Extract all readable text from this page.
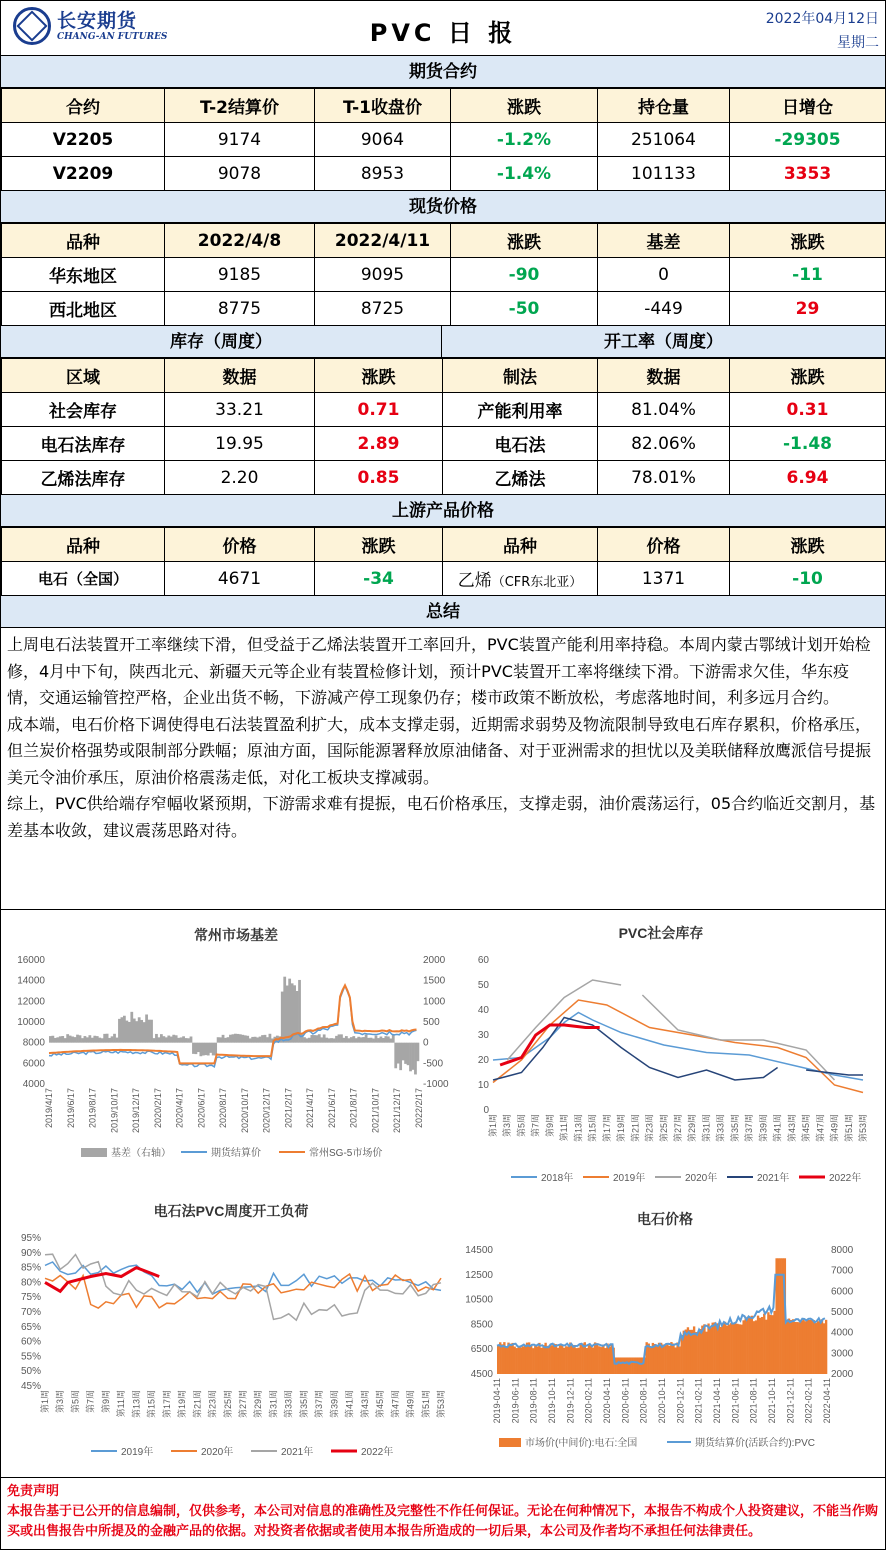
长安期货
CHANG-AN FUTURES	PVC 日 报	2022年04月12日
星期二
期货合约
合约	T-2结算价	T-1收盘价	涨跌	持仓量	日增仓
V2205	9174	9064	-1.2%	251064	-29305
V2209	9078	8953	-1.4%	101133	3353
现货价格
品种	2022/4/8	2022/4/11	涨跌	基差	涨跌
华东地区	9185	9095	-90	0	-11
西北地区	8775	8725	-50	-449	29
库存（周度）	开工率（周度）
区域	数据	涨跌	制法	数据	涨跌
社会库存	33.21	0.71	产能利用率	81.04%	0.31
电石法库存	19.95	2.89	电石法	82.06%	-1.48
乙烯法库存	2.20	0.85	乙烯法	78.01%	6.94
上游产品价格
品种	价格	涨跌	品种	价格	涨跌
电石（全国）	4671	-34	乙烯（CFR东北亚）	1371	-10
总结

上周电石法装置开工率继续下滑，但受益于乙烯法装置开工率回升，PVC装置产能利用率持稳。本周内蒙古鄂绒计划开始检修，4月中下旬，陕西北元、新疆天元等企业有装置检修计划，预计PVC装置开工率将继续下滑。下游需求欠佳，华东疫情，交通运输管控严格，企业出货不畅，下游减产停工现象仍存；楼市政策不断放松，考虑落地时间，利多远月合约。

成本端，电石价格下调使得电石法装置盈利扩大，成本支撑走弱，近期需求弱势及物流限制导致电石库存累积，价格承压，但兰炭价格强势或限制部分跌幅；原油方面，国际能源署释放原油储备、对于亚洲需求的担忧以及美联储释放鹰派信号提振美元令油价承压，原油价格震荡走低，对化工板块支撑减弱。

综上，PVC供给端存窄幅收紧预期，下游需求难有提振，电石价格承压，支撑走弱，油价震荡运行，05合约临近交割月，基差基本收敛，建议震荡思路对待。

常州市场基差
16000
14000
12000
10000
8000
6000
4000
2000
1500
1000
500
0
-500
-1000
2019/4/17 2019/6/17 2019/8/17 2019/10/17 2019/12/17 2020/2/17 2020/4/17 2020/6/17 2020/8/17 2020/10/17 2020/12/17 2021/2/17 2021/4/17 2021/6/17 2021/8/17 2021/10/17 2021/12/17 2022/2/17
基差（右轴）	期货结算价	常州SG-5市场价
PVC社会库存
60
50
40
30
20
10
0
第1周 第3周 第5周 第7周 第9周 第11周 第13周 第15周 第17周 第19周 第21周 第23周 第25周 第27周 第29周 第31周 第33周 第35周 第37周 第39周 第41周 第43周 第45周 第47周 第49周 第51周 第53周
2018年	2019年	2020年	2021年	2022年
电石法PVC周度开工负荷
95%
90%
85%
80%
75%
70%
65%
60%
55%
50%
45%
第1周 第3周 第5周 第7周 第9周 第11周 第13周 第15周 第17周 第19周 第21周 第23周 第25周 第27周 第29周 第31周 第33周 第35周 第37周 第39周 第41周 第43周 第45周 第47周 第49周 第51周 第53周
2019年	2020年	2021年	2022年
电石价格
14500
12500
10500
8500
6500
4500
8000
7000
6000
5000
4000
3000
2000
2019-04-11 2019-06-11 2019-08-11 2019-10-11 2019-12-11 2020-02-11 2020-04-11 2020-06-11 2020-08-11 2020-10-11 2020-12-11 2021-02-11 2021-04-11 2021-06-11 2021-08-11 2021-10-11 2021-12-11 2022-02-11 2022-04-11
市场价(中间价):电石:全国	期货结算价(活跃合约):PVC
免责声明
本报告基于已公开的信息编制，仅供参考，本公司对信息的准确性及完整性不作任何保证。无论在何种情况下，本报告不构成个人投资建议，不能当作购买或出售报告中所提及的金融产品的依据。对投资者依据或者使用本报告所造成的一切后果，本公司及作者均不承担任何法律责任。
